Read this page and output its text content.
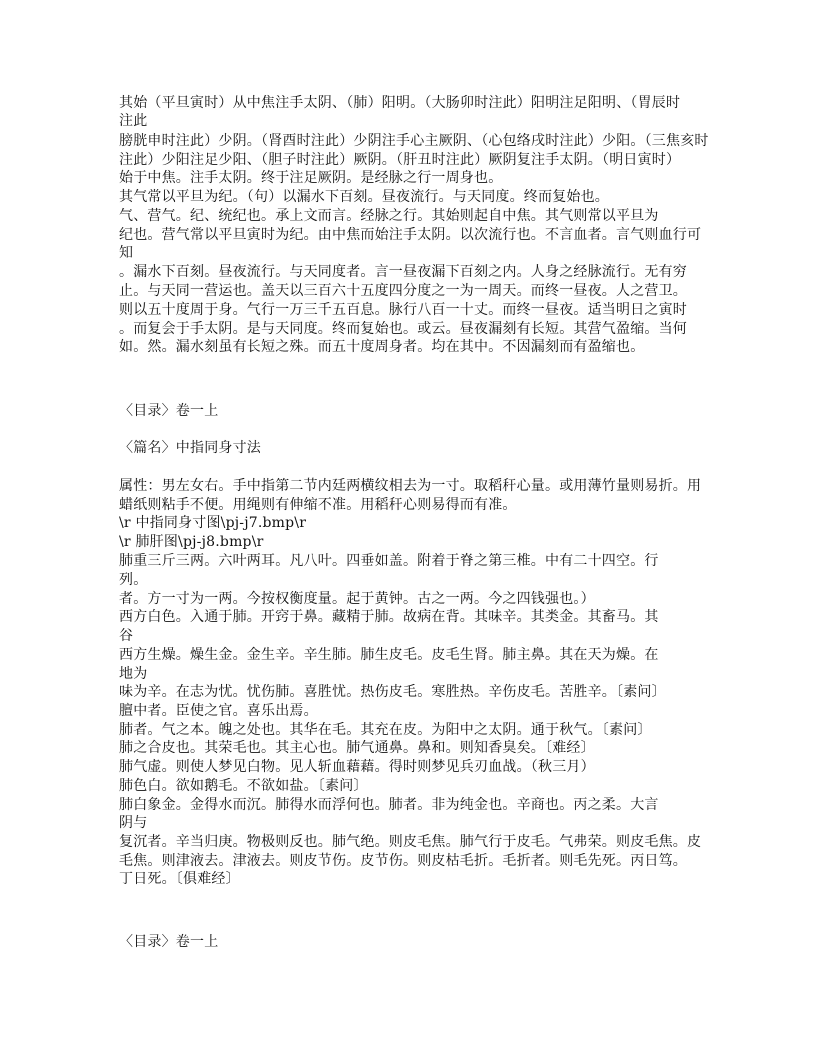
其始（平旦寅时）从中焦注手太阴、（肺）阳明。（大肠卯时注此）阳明注足阳明、（胃辰时
注此
膀胱申时注此）少阴。（肾酉时注此）少阴注手心主厥阴、（心包络戌时注此）少阳。（三焦亥时
注此）少阳注足少阳、（胆子时注此）厥阴。（肝丑时注此）厥阴复注手太阴。（明日寅时）
始于中焦。注手太阴。终于注足厥阴。是经脉之行一周身也。
其气常以平旦为纪。（句）以漏水下百刻。昼夜流行。与天同度。终而复始也。
气、营气。纪、统纪也。承上文而言。经脉之行。其始则起自中焦。其气则常以平旦为
纪也。营气常以平旦寅时为纪。由中焦而始注手太阴。以次流行也。不言血者。言气则血行可
知
。漏水下百刻。昼夜流行。与天同度者。言一昼夜漏下百刻之内。人身之经脉流行。无有穷
止。与天同一营运也。盖天以三百六十五度四分度之一为一周天。而终一昼夜。人之营卫。
则以五十度周于身。气行一万三千五百息。脉行八百一十丈。而终一昼夜。适当明日之寅时
。而复会于手太阴。是与天同度。终而复始也。或云。昼夜漏刻有长短。其营气盈缩。当何
如。然。漏水刻虽有长短之殊。而五十度周身者。均在其中。不因漏刻而有盈缩也。
〈目录〉卷一上
〈篇名〉中指同身寸法
属性：男左女右。手中指第二节内廷两横纹相去为一寸。取稻秆心量。或用薄竹量则易折。用
蜡纸则粘手不便。用绳则有伸缩不准。用稻秆心则易得而有准。
\r 中指同身寸图\pj-j7.bmp\r
\r 肺肝图\pj-j8.bmp\r
肺重三斤三两。六叶两耳。凡八叶。四垂如盖。附着于脊之第三椎。中有二十四空。行
列。
者。方一寸为一两。今按权衡度量。起于黄钟。古之一两。今之四钱强也。）
西方白色。入通于肺。开窍于鼻。藏精于肺。故病在背。其味辛。其类金。其畜马。其
谷
西方生燥。燥生金。金生辛。辛生肺。肺生皮毛。皮毛生肾。肺主鼻。其在天为燥。在
地为
味为辛。在志为忧。忧伤肺。喜胜忧。热伤皮毛。寒胜热。辛伤皮毛。苦胜辛。〔素问〕
膻中者。臣使之官。喜乐出焉。
肺者。气之本。魄之处也。其华在毛。其充在皮。为阳中之太阴。通于秋气。〔素问〕
肺之合皮也。其荣毛也。其主心也。肺气通鼻。鼻和。则知香臭矣。〔难经〕
肺气虚。则使人梦见白物。见人斩血藉藉。得时则梦见兵刃血战。（秋三月）
肺色白。欲如鹅毛。不欲如盐。〔素问〕
肺白象金。金得水而沉。肺得水而浮何也。肺者。非为纯金也。辛商也。丙之柔。大言
阴与
复沉者。辛当归庚。物极则反也。肺气绝。则皮毛焦。肺气行于皮毛。气弗荣。则皮毛焦。皮
毛焦。则津液去。津液去。则皮节伤。皮节伤。则皮枯毛折。毛折者。则毛先死。丙日笃。
丁日死。〔俱难经〕
〈目录〉卷一上
